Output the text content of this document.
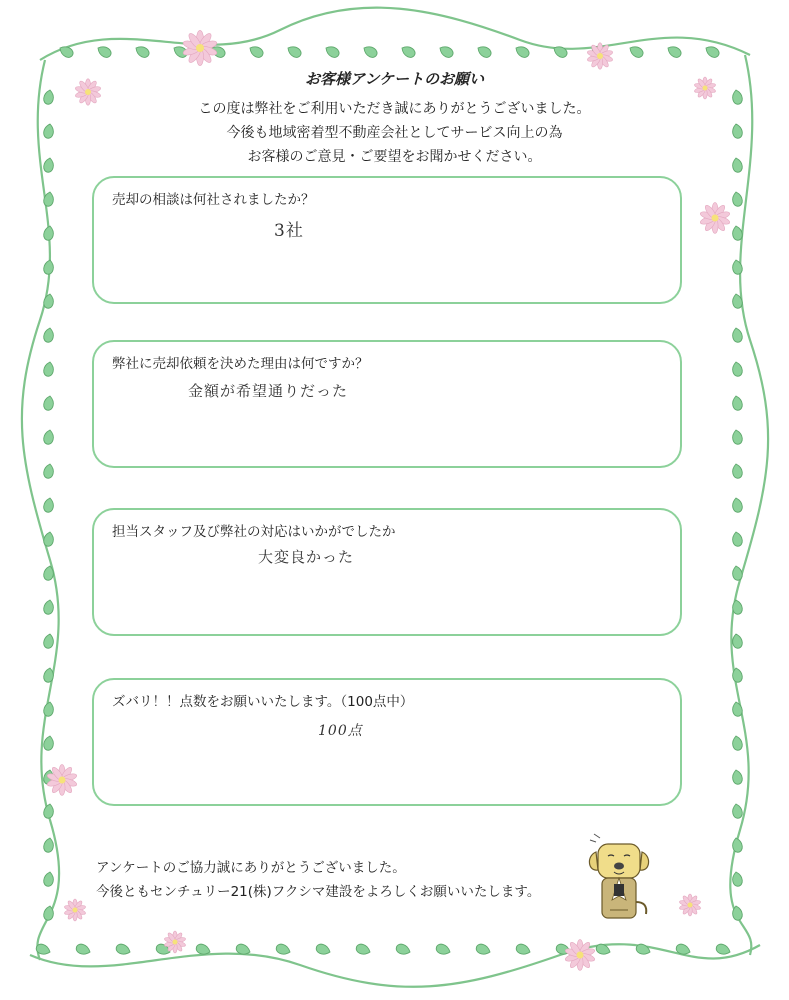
お客様アンケートのお願い
この度は弊社をご利用いただき誠にありがとうございました。
今後も地域密着型不動産会社としてサービス向上の為
お客様のご意見・ご要望をお聞かせください。
売却の相談は何社されましたか？
3社
弊社に売却依頼を決めた理由は何ですか？
金額が希望通りだった
担当スタッフ及び弊社の対応はいかがでしたか
大変良かった
ズバリ！！点数をお願いいたします。（100点中）
100点
アンケートのご協力誠にありがとうございました。
今後ともセンチュリー21(株)フクシマ建設をよろしくお願いいたします。
